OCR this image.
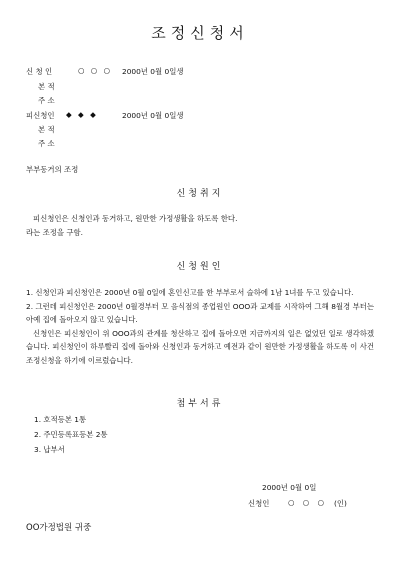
조정신청서
신 청 인	○ ○ ○ 2000년 0월 0일생
본 적
주 소
피신청인 ◆ ◆ ◆	2000년 0월 0일생
본 적
주 소
부부동거의 조정
신청취지

피신청인은 신청인과 동거하고, 원만한 가정생활을 하도록 한다.

라는 조정을 구함.

신청원인

1. 신청인과 피신청인은 2000년 0월 0일에 혼인신고를 한 부부로서 슬하에 1남 1녀를 두고 있습니다.

2. 그런데 피신청인은 2000년 0월경부터 모 음식점의 종업원인 OOO과 교제를 시작하여 그해 8월경 부터는 아예 집에 돌아오지 않고 있습니다.

신청인은 피신청인이 위 OOO과의 관계를 청산하고 집에 돌아오면 지금까지의 일은 없었던 일로 생각하겠습니다. 피신청인이 하루빨리 집에 돌아와 신청인과 동거하고 예전과 같이 원만한 가정생활을 하도록 이 사건 조정신청을 하기에 이르렀습니다.

첨부서류
1. 호적등본 1통
2. 주민등록표등본 2통
3. 납부서
2000년 0월 0일
신청인	○ ○ ○ (인)
OO가정법원 귀중
